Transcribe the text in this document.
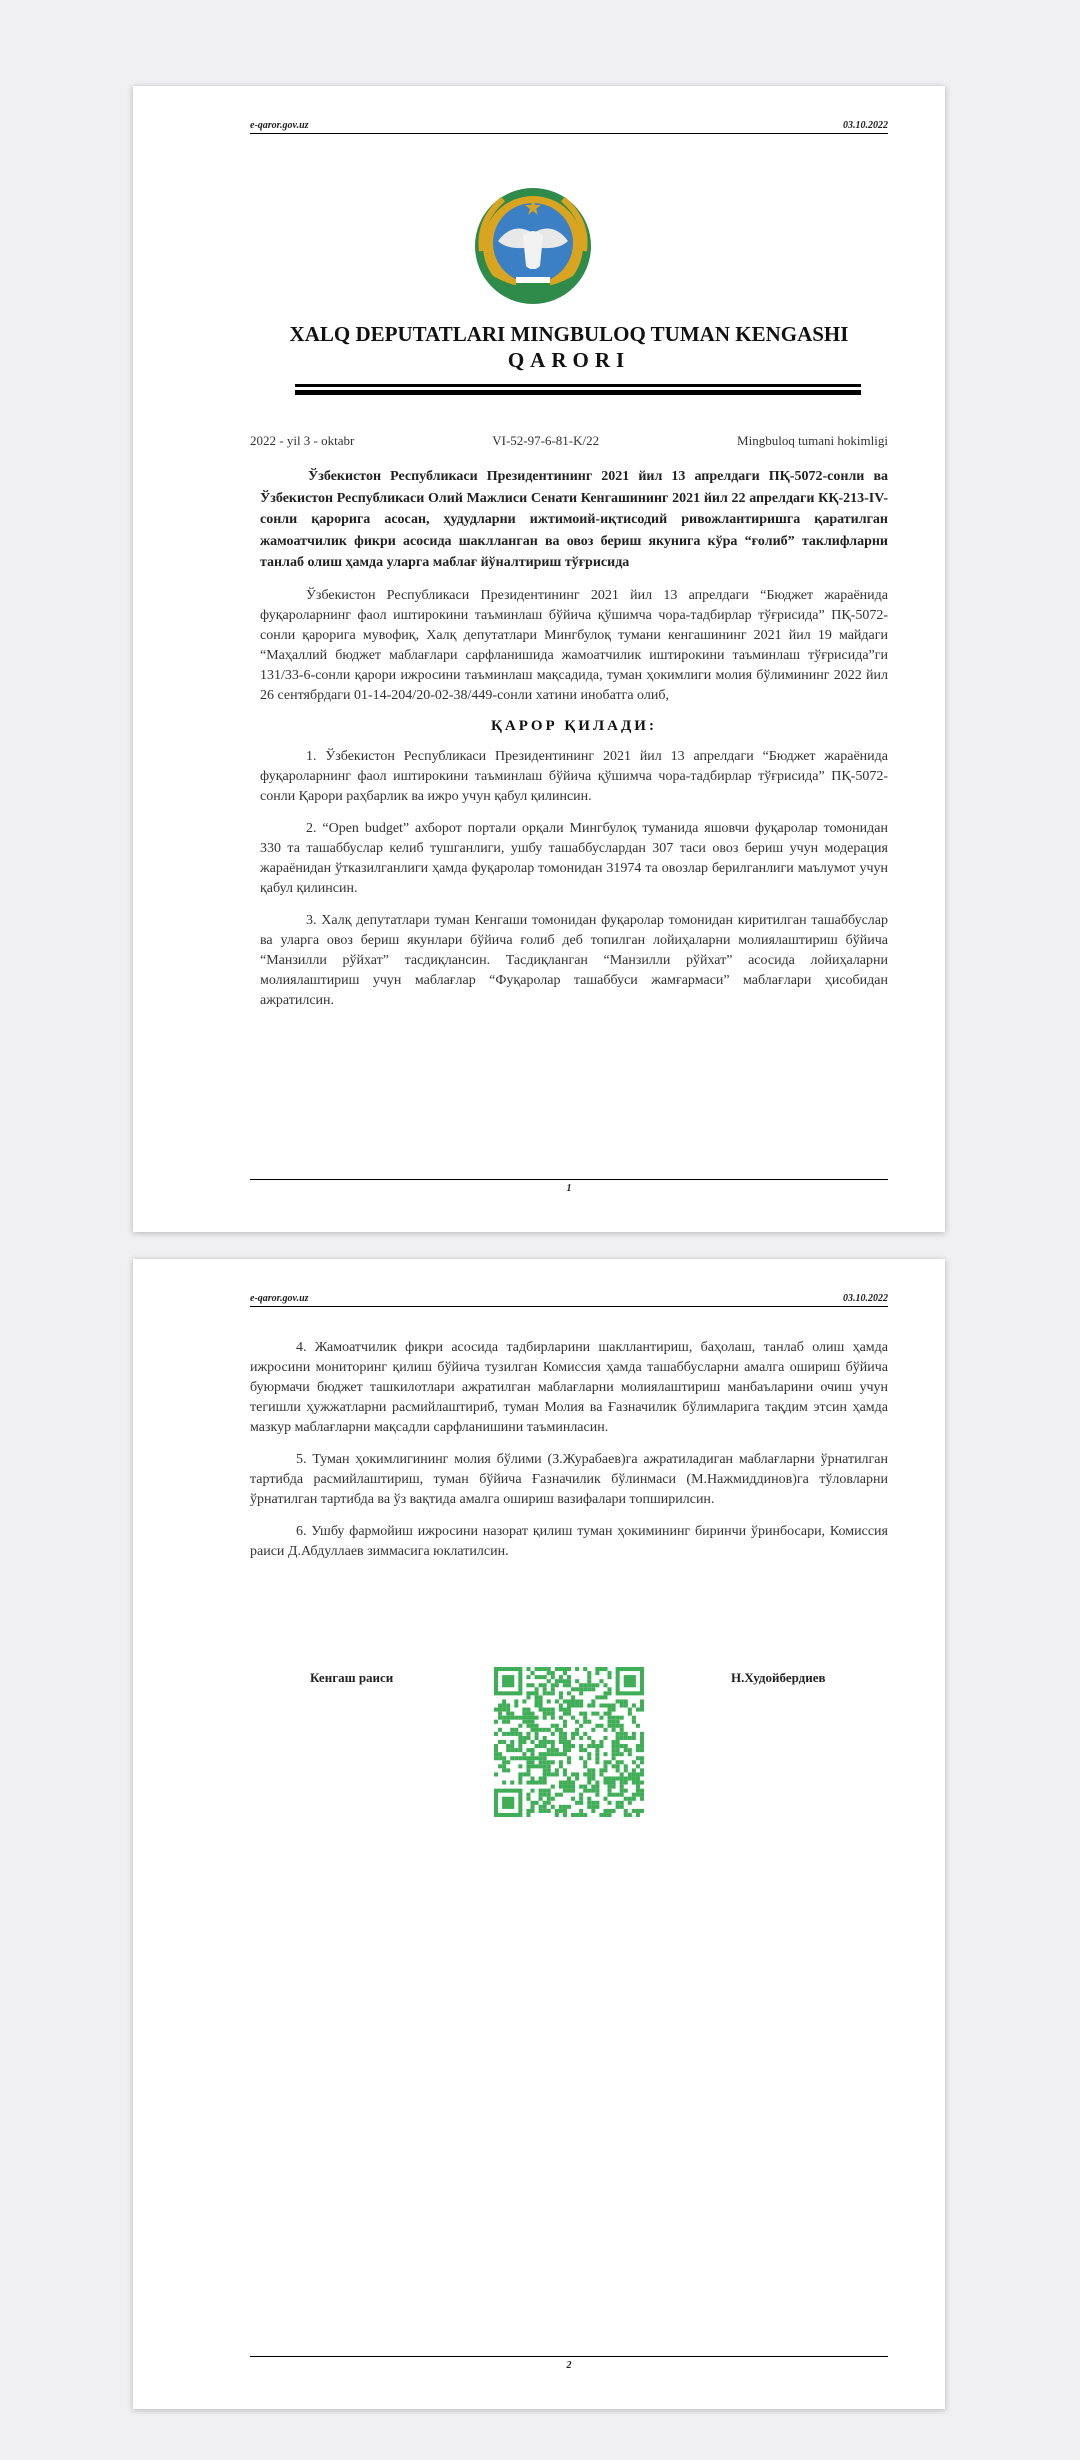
e-qaror.gov.uz	03.10.2022
XALQ DEPUTATLARI MINGBULOQ TUMAN KENGASHI
QARORI
2022 - yil 3 - oktabr	VI-52-97-6-81-K/22	Mingbuloq tumani hokimligi
Ўзбекистон Республикаси Президентининг 2021 йил 13 апрелдаги ПҚ-5072-сонли ва Ўзбекистон Республикаси Олий Мажлиси Сенати Кенгашининг 2021 йил 22 апрелдаги КҚ-213-IV-сонли қарорига асосан, ҳудудларни ижтимоий-иқтисодий ривожлантиришга қаратилган жамоатчилик фикри асосида шаклланган ва овоз бериш якунига кўра “ғолиб” таклифларни танлаб олиш ҳамда уларга маблағ йўналтириш тўғрисида

Ўзбекистон Республикаси Президентининг 2021 йил 13 апрелдаги “Бюджет жараёнида фуқароларнинг фаол иштирокини таъминлаш бўйича қўшимча чора-тадбирлар тўғрисида” ПҚ-5072-сонли қарорига мувофиқ, Халқ депутатлари Мингбулоқ тумани кенгашининг 2021 йил 19 майдаги “Маҳаллий бюджет маблағлари сарфланишида жамоатчилик иштирокини таъминлаш тўғрисида”ги 131/33-6-сонли қарори ижросини таъминлаш мақсадида, туман ҳокимлиги молия бўлимининг 2022 йил 26 сентябрдаги 01-14-204/20-02-38/449-сонли хатини инобатга олиб,

ҚАРОР ҚИЛАДИ:

1. Ўзбекистон Республикаси Президентининг 2021 йил 13 апрелдаги “Бюджет жараёнида фуқароларнинг фаол иштирокини таъминлаш бўйича қўшимча чора-тадбирлар тўғрисида” ПҚ-5072-сонли Қарори раҳбарлик ва ижро учун қабул қилинсин.

2. “Open budget” ахборот портали орқали Мингбулоқ туманида яшовчи фуқаролар томонидан 330 та ташаббуслар келиб тушганлиги, ушбу ташаббуслардан 307 таси овоз бериш учун модерация жараёнидан ўтказилганлиги ҳамда фуқаролар томонидан 31974 та овозлар берилганлиги маълумот учун қабул қилинсин.

3. Халқ депутатлари туман Кенгаши томонидан фуқаролар томонидан киритилган ташаббуслар ва уларга овоз бериш якунлари бўйича ғолиб деб топилган лойиҳаларни молиялаштириш бўйича “Манзилли рўйхат” тасдиқлансин. Тасдиқланган “Манзилли рўйхат” асосида лойиҳаларни молиялаштириш учун маблағлар “Фуқаролар ташаббуси жамғармаси” маблағлари ҳисобидан ажратилсин.

1
e-qaror.gov.uz	03.10.2022

4. Жамоатчилик фикри асосида тадбирларини шакллантириш, баҳолаш, танлаб олиш ҳамда ижросини мониторинг қилиш бўйича тузилган Комиссия ҳамда ташаббусларни амалга ошириш бўйича буюрмачи бюджет ташкилотлари ажратилган маблағларни молиялаштириш манбаъларини очиш учун тегишли ҳужжатларни расмийлаштириб, туман Молия ва Ғазначилик бўлимларига тақдим этсин ҳамда мазкур маблағларни мақсадли сарфланишини таъминласин.

5. Туман ҳокимлигининг молия бўлими (З.Журабаев)га ажратиладиган маблағларни ўрнатилган тартибда расмийлаштириш, туман бўйича Ғазначилик бўлинмаси (М.Нажмиддинов)га тўловларни ўрнатилган тартибда ва ўз вақтида амалга ошириш вазифалари топширилсин.

6. Ушбу фармойиш ижросини назорат қилиш туман ҳокимининг биринчи ўринбосари, Комиссия раиси Д.Абдуллаев зиммасига юклатилсин.

Кенгаш раиси	Н.Худойбердиев
2
